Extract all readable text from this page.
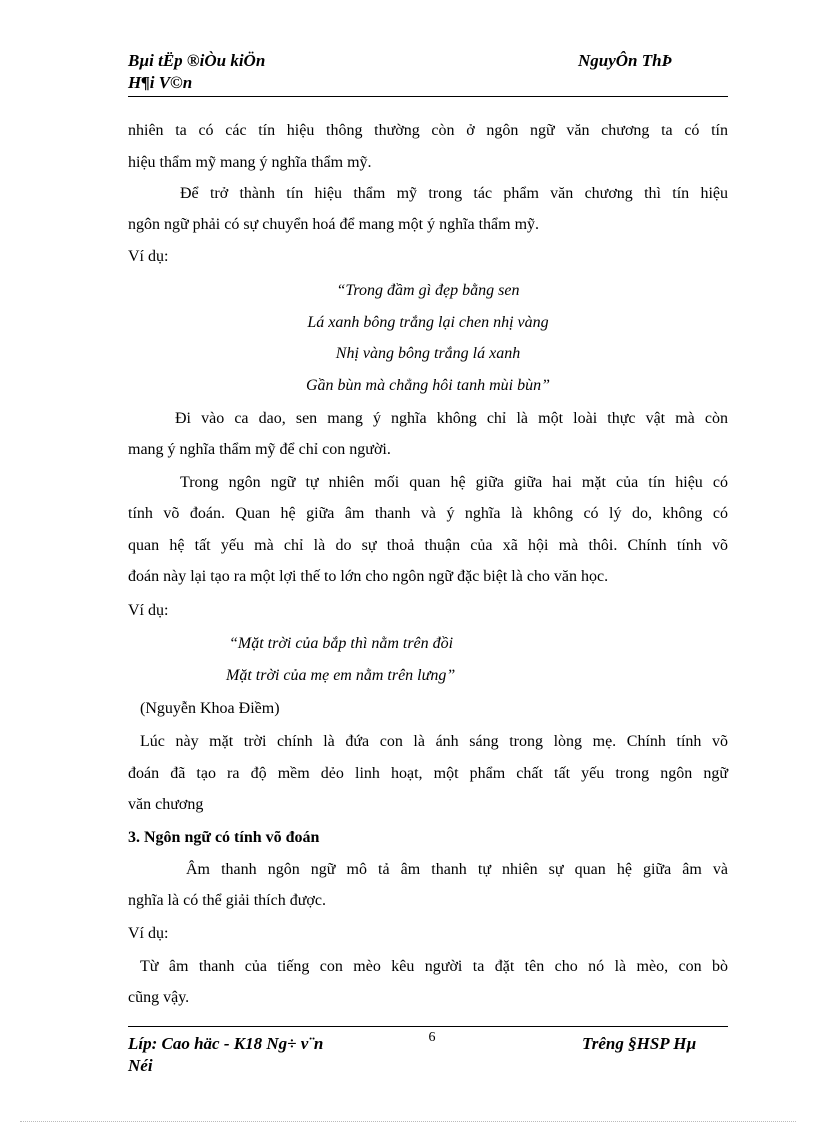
Bµi tËp ®iÒu kiÖn
H¶i V©n
NguyÔn ThÞ
nhiên ta có các tín hiệu thông thường còn ở ngôn ngữ văn chương ta có tín
hiệu thẩm mỹ mang ý nghĩa thẩm mỹ.
Để trở thành tín hiệu thẩm mỹ trong tác phẩm văn chương thì tín hiệu
ngôn ngữ phải có sự chuyển hoá để mang một ý nghĩa thẩm mỹ.
Ví dụ:
“Trong đầm gì đẹp bằng sen
Lá xanh bông trắng lại chen nhị vàng
Nhị vàng bông trắng lá xanh
Gần bùn mà chẳng hôi tanh mùi bùn”
Đi vào ca dao, sen mang ý nghĩa không chỉ là một loài thực vật mà còn
mang ý nghĩa thẩm mỹ để chỉ con người.
Trong ngôn ngữ tự nhiên mối quan hệ giữa giữa hai mặt của tín hiệu có
tính võ đoán. Quan hệ giữa âm thanh và ý nghĩa là không có lý do, không có
quan hệ tất yếu mà chỉ là do sự thoả thuận của xã hội mà thôi. Chính tính võ
đoán này lại tạo ra một lợi thế to lớn cho ngôn ngữ đặc biệt là cho văn học.
Ví dụ:
“Mặt trời của bắp thì nằm trên đồi
Mặt trời của mẹ em nằm trên lưng”
(Nguyễn Khoa Điềm)
Lúc này mặt trời chính là đứa con là ánh sáng trong lòng mẹ. Chính tính võ
đoán đã tạo ra độ mềm dẻo linh hoạt, một phẩm chất tất yếu trong ngôn ngữ
văn chương
3. Ngôn ngữ có tính võ đoán
Âm thanh ngôn ngữ mô tả âm thanh tự nhiên sự quan hệ giữa âm và
nghĩa là có thể giải thích được.
Ví dụ:
Từ âm thanh của tiếng con mèo kêu người ta đặt tên cho nó là mèo, con bò
cũng vậy.
Líp: Cao häc - K18 Ng÷ v¨n
Néi
6	Trêng §HSP Hµ
